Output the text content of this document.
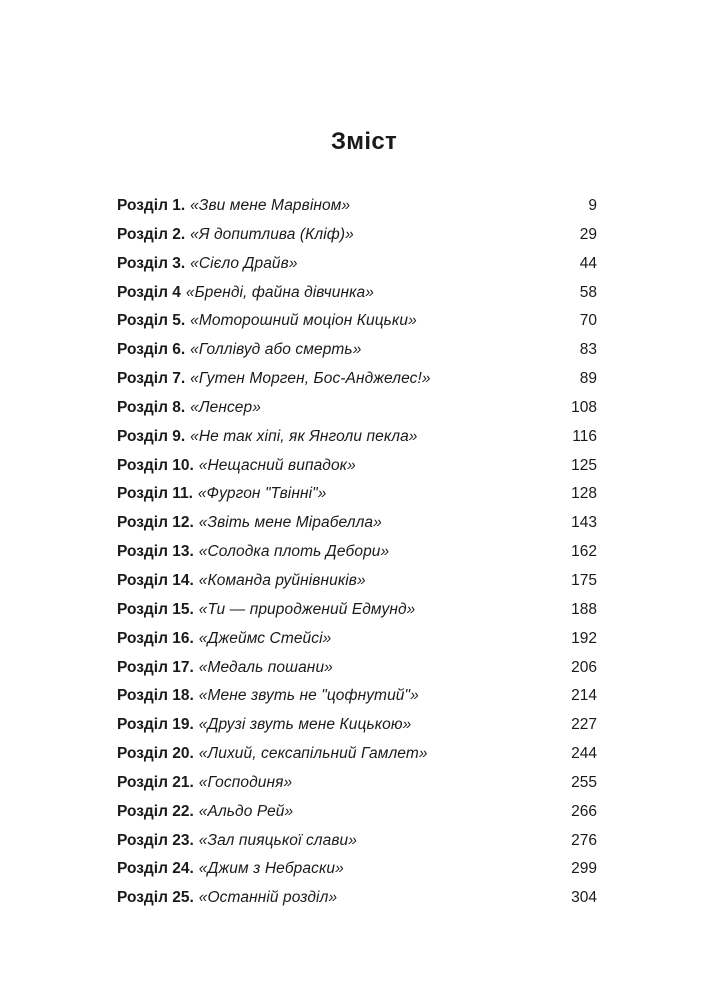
Зміст
Розділ 1. «Зви мене Марвіном»	9
Розділ 2. «Я допитлива (Кліф)»	29
Розділ 3. «Сієло Драйв»	44
Розділ 4 «Бренді, файна дівчинка»	58
Розділ 5. «Моторошний моціон Кицьки»	70
Розділ 6. «Голлівуд або смерть»	83
Розділ 7. «Гутен Морген, Бос-Анджелес!»	89
Розділ 8. «Ленсер»	108
Розділ 9. «Не так хіпі, як Янголи пекла»	116
Розділ 10. «Нещасний випадок»	125
Розділ 11. «Фургон "Твінні"»	128
Розділ 12. «Звіть мене Мірабелла»	143
Розділ 13. «Солодка плоть Дебори»	162
Розділ 14. «Команда руйнівників»	175
Розділ 15. «Ти — природжений Едмунд»	188
Розділ 16. «Джеймс Стейсі»	192
Розділ 17. «Медаль пошани»	206
Розділ 18. «Мене звуть не "цофнутий"»	214
Розділ 19. «Друзі звуть мене Кицькою»	227
Розділ 20. «Лихий, сексапільний Гамлет»	244
Розділ 21. «Господиня»	255
Розділ 22. «Альдо Рей»	266
Розділ 23. «Зал пияцької слави»	276
Розділ 24. «Джим з Небраски»	299
Розділ 25. «Останній розділ»	304
